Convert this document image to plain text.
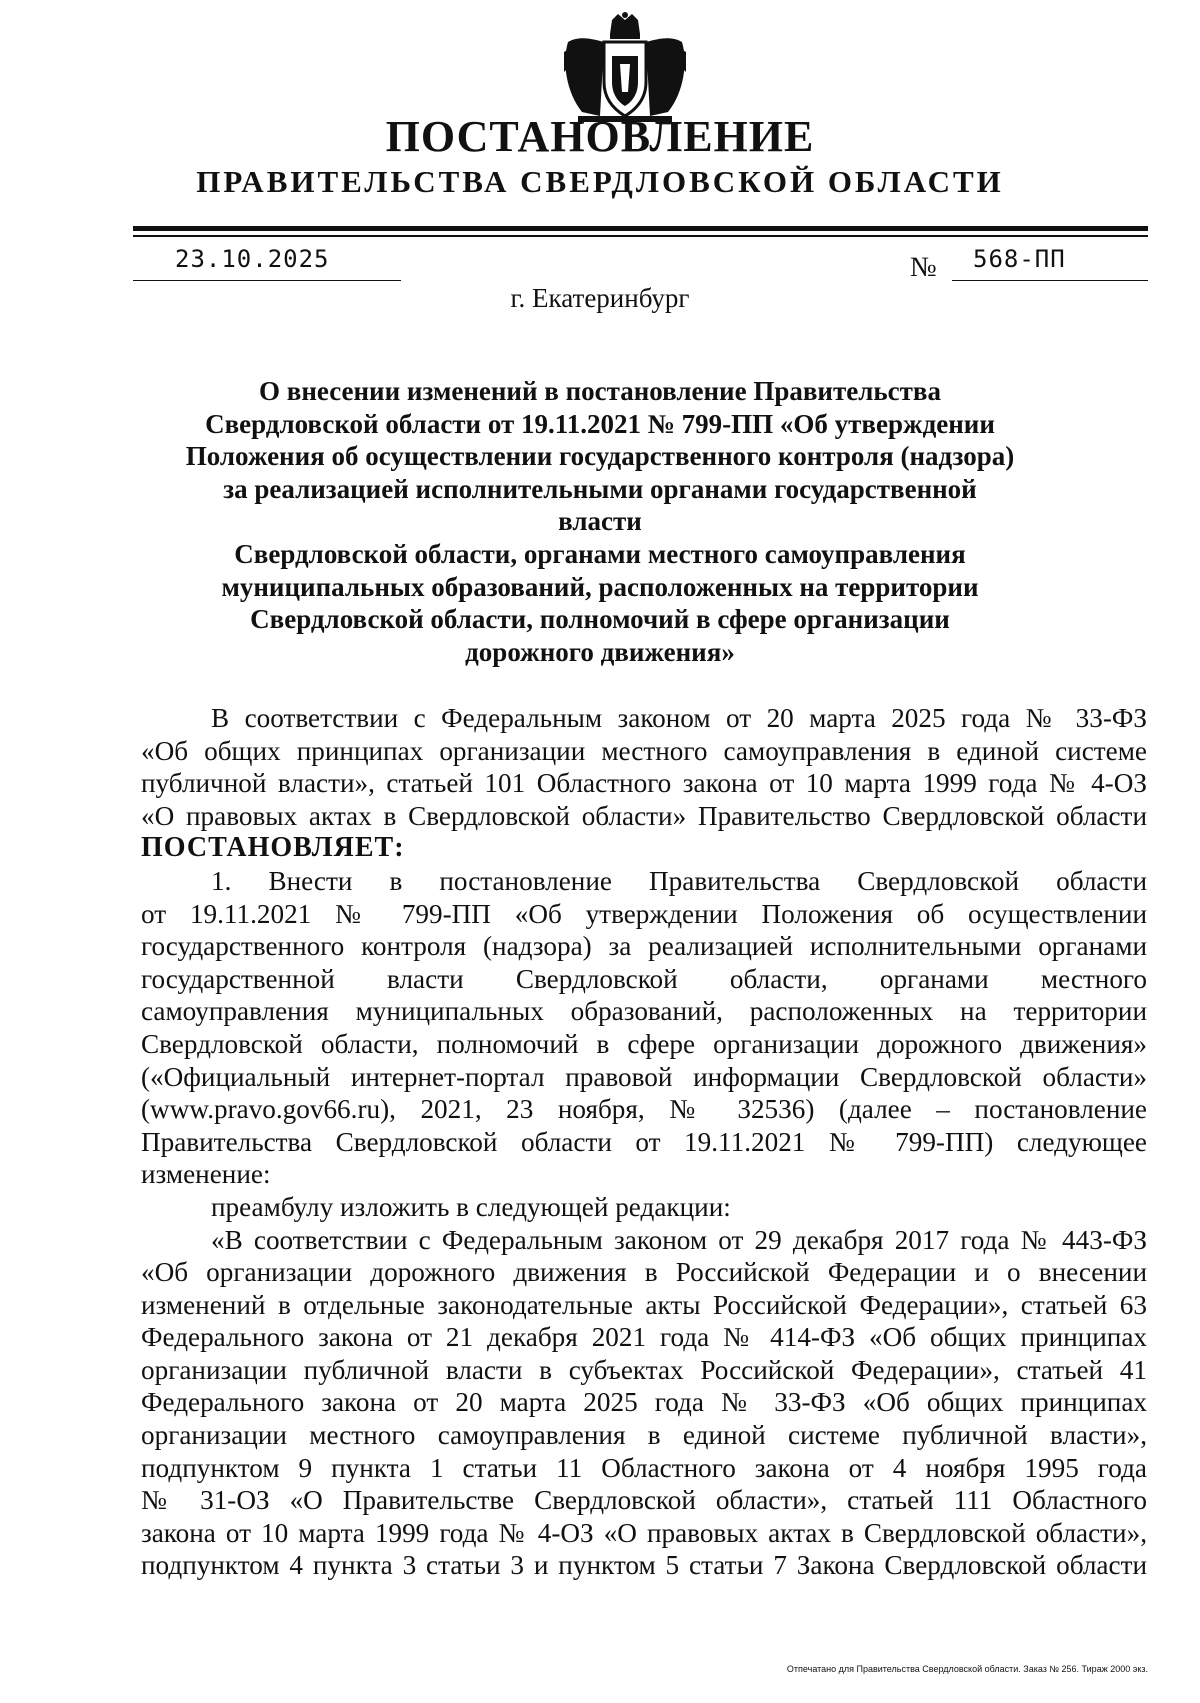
ПОСТАНОВЛЕНИЕ
ПРАВИТЕЛЬСТВА СВЕРДЛОВСКОЙ ОБЛАСТИ
23.10.2025	№ 568-ПП
г. Екатеринбург
О внесении изменений в постановление Правительства
Свердловской области от 19.11.2021 № 799-ПП «Об утверждении
Положения об осуществлении государственного контроля (надзора)
за реализацией исполнительными органами государственной власти
Свердловской области, органами местного самоуправления
муниципальных образований, расположенных на территории
Свердловской области, полномочий в сфере организации
дорожного движения»

В соответствии с Федеральным законом от 20 марта 2025 года № 33-ФЗ

«Об общих принципах организации местного самоуправления в единой системе

публичной власти», статьей 101 Областного закона от 10 марта 1999 года № 4-ОЗ

«О правовых актах в Свердловской области» Правительство Свердловской области

ПОСТАНОВЛЯЕТ:

1. Внести в постановление Правительства Свердловской области

от 19.11.2021 № 799-ПП «Об утверждении Положения об осуществлении

государственного контроля (надзора) за реализацией исполнительными органами

государственной власти Свердловской области, органами местного

самоуправления муниципальных образований, расположенных на территории

Свердловской области, полномочий в сфере организации дорожного движения»

(«Официальный интернет-портал правовой информации Свердловской области»

(www.pravo.gov66.ru), 2021, 23 ноября, № 32536) (далее – постановление

Правительства Свердловской области от 19.11.2021 № 799-ПП) следующее

изменение:

преамбулу изложить в следующей редакции:

«В соответствии с Федеральным законом от 29 декабря 2017 года № 443-ФЗ

«Об организации дорожного движения в Российской Федерации и о внесении

изменений в отдельные законодательные акты Российской Федерации», статьей 63

Федерального закона от 21 декабря 2021 года № 414-ФЗ «Об общих принципах

организации публичной власти в субъектах Российской Федерации», статьей 41

Федерального закона от 20 марта 2025 года № 33-ФЗ «Об общих принципах

организации местного самоуправления в единой системе публичной власти»,

подпунктом 9 пункта 1 статьи 11 Областного закона от 4 ноября 1995 года

№ 31-ОЗ «О Правительстве Свердловской области», статьей 111 Областного

закона от 10 марта 1999 года № 4-ОЗ «О правовых актах в Свердловской области»,

подпунктом 4 пункта 3 статьи 3 и пунктом 5 статьи 7 Закона Свердловской области

Отпечатано для Правительства Свердловской области. Заказ № 256. Тираж 2000 экз.
